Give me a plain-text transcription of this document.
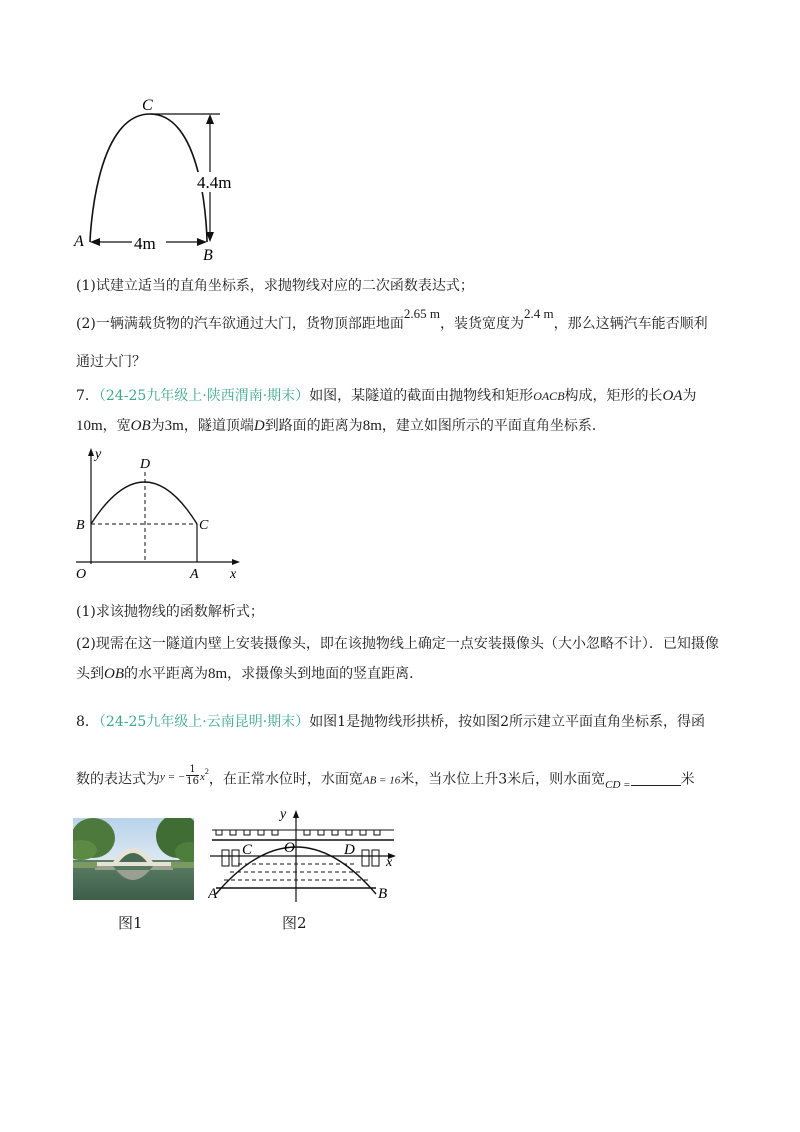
C
A
B
4.4m
4m
(1)试建立适当的直角坐标系，求抛物线对应的二次函数表达式；
(2)一辆满载货物的汽车欲通过大门，货物顶部距地面2.65 m，装货宽度为2.4 m，那么这辆汽车能否顺利
通过大门？
7．（24-25九年级上·陕西渭南·期末）如图，某隧道的截面由抛物线和矩形OACB构成，矩形的长OA为
10m，宽OB为3m，隧道顶端D到路面的距离为8m，建立如图所示的平面直角坐标系．
y
x
D
B	C
O	A
(1)求该抛物线的函数解析式；
(2)现需在这一隧道内壁上安装摄像头，即在该抛物线上确定一点安装摄像头（大小忽略不计）．已知摄像
头到OB的水平距离为8m，求摄像头到地面的竖直距离．
8．（24-25九年级上·云南昆明·期末）如图1是抛物线形拱桥，按如图2所示建立平面直角坐标系，得函
数的表达式为$^{y = -} \frac{1}{16} ^{x2}$，在正常水位时，水面宽AB = 16米，当水位上升3米后，则水面宽$_{CD =}$	米
图1
y
x
O
C	D
A	B
图2
